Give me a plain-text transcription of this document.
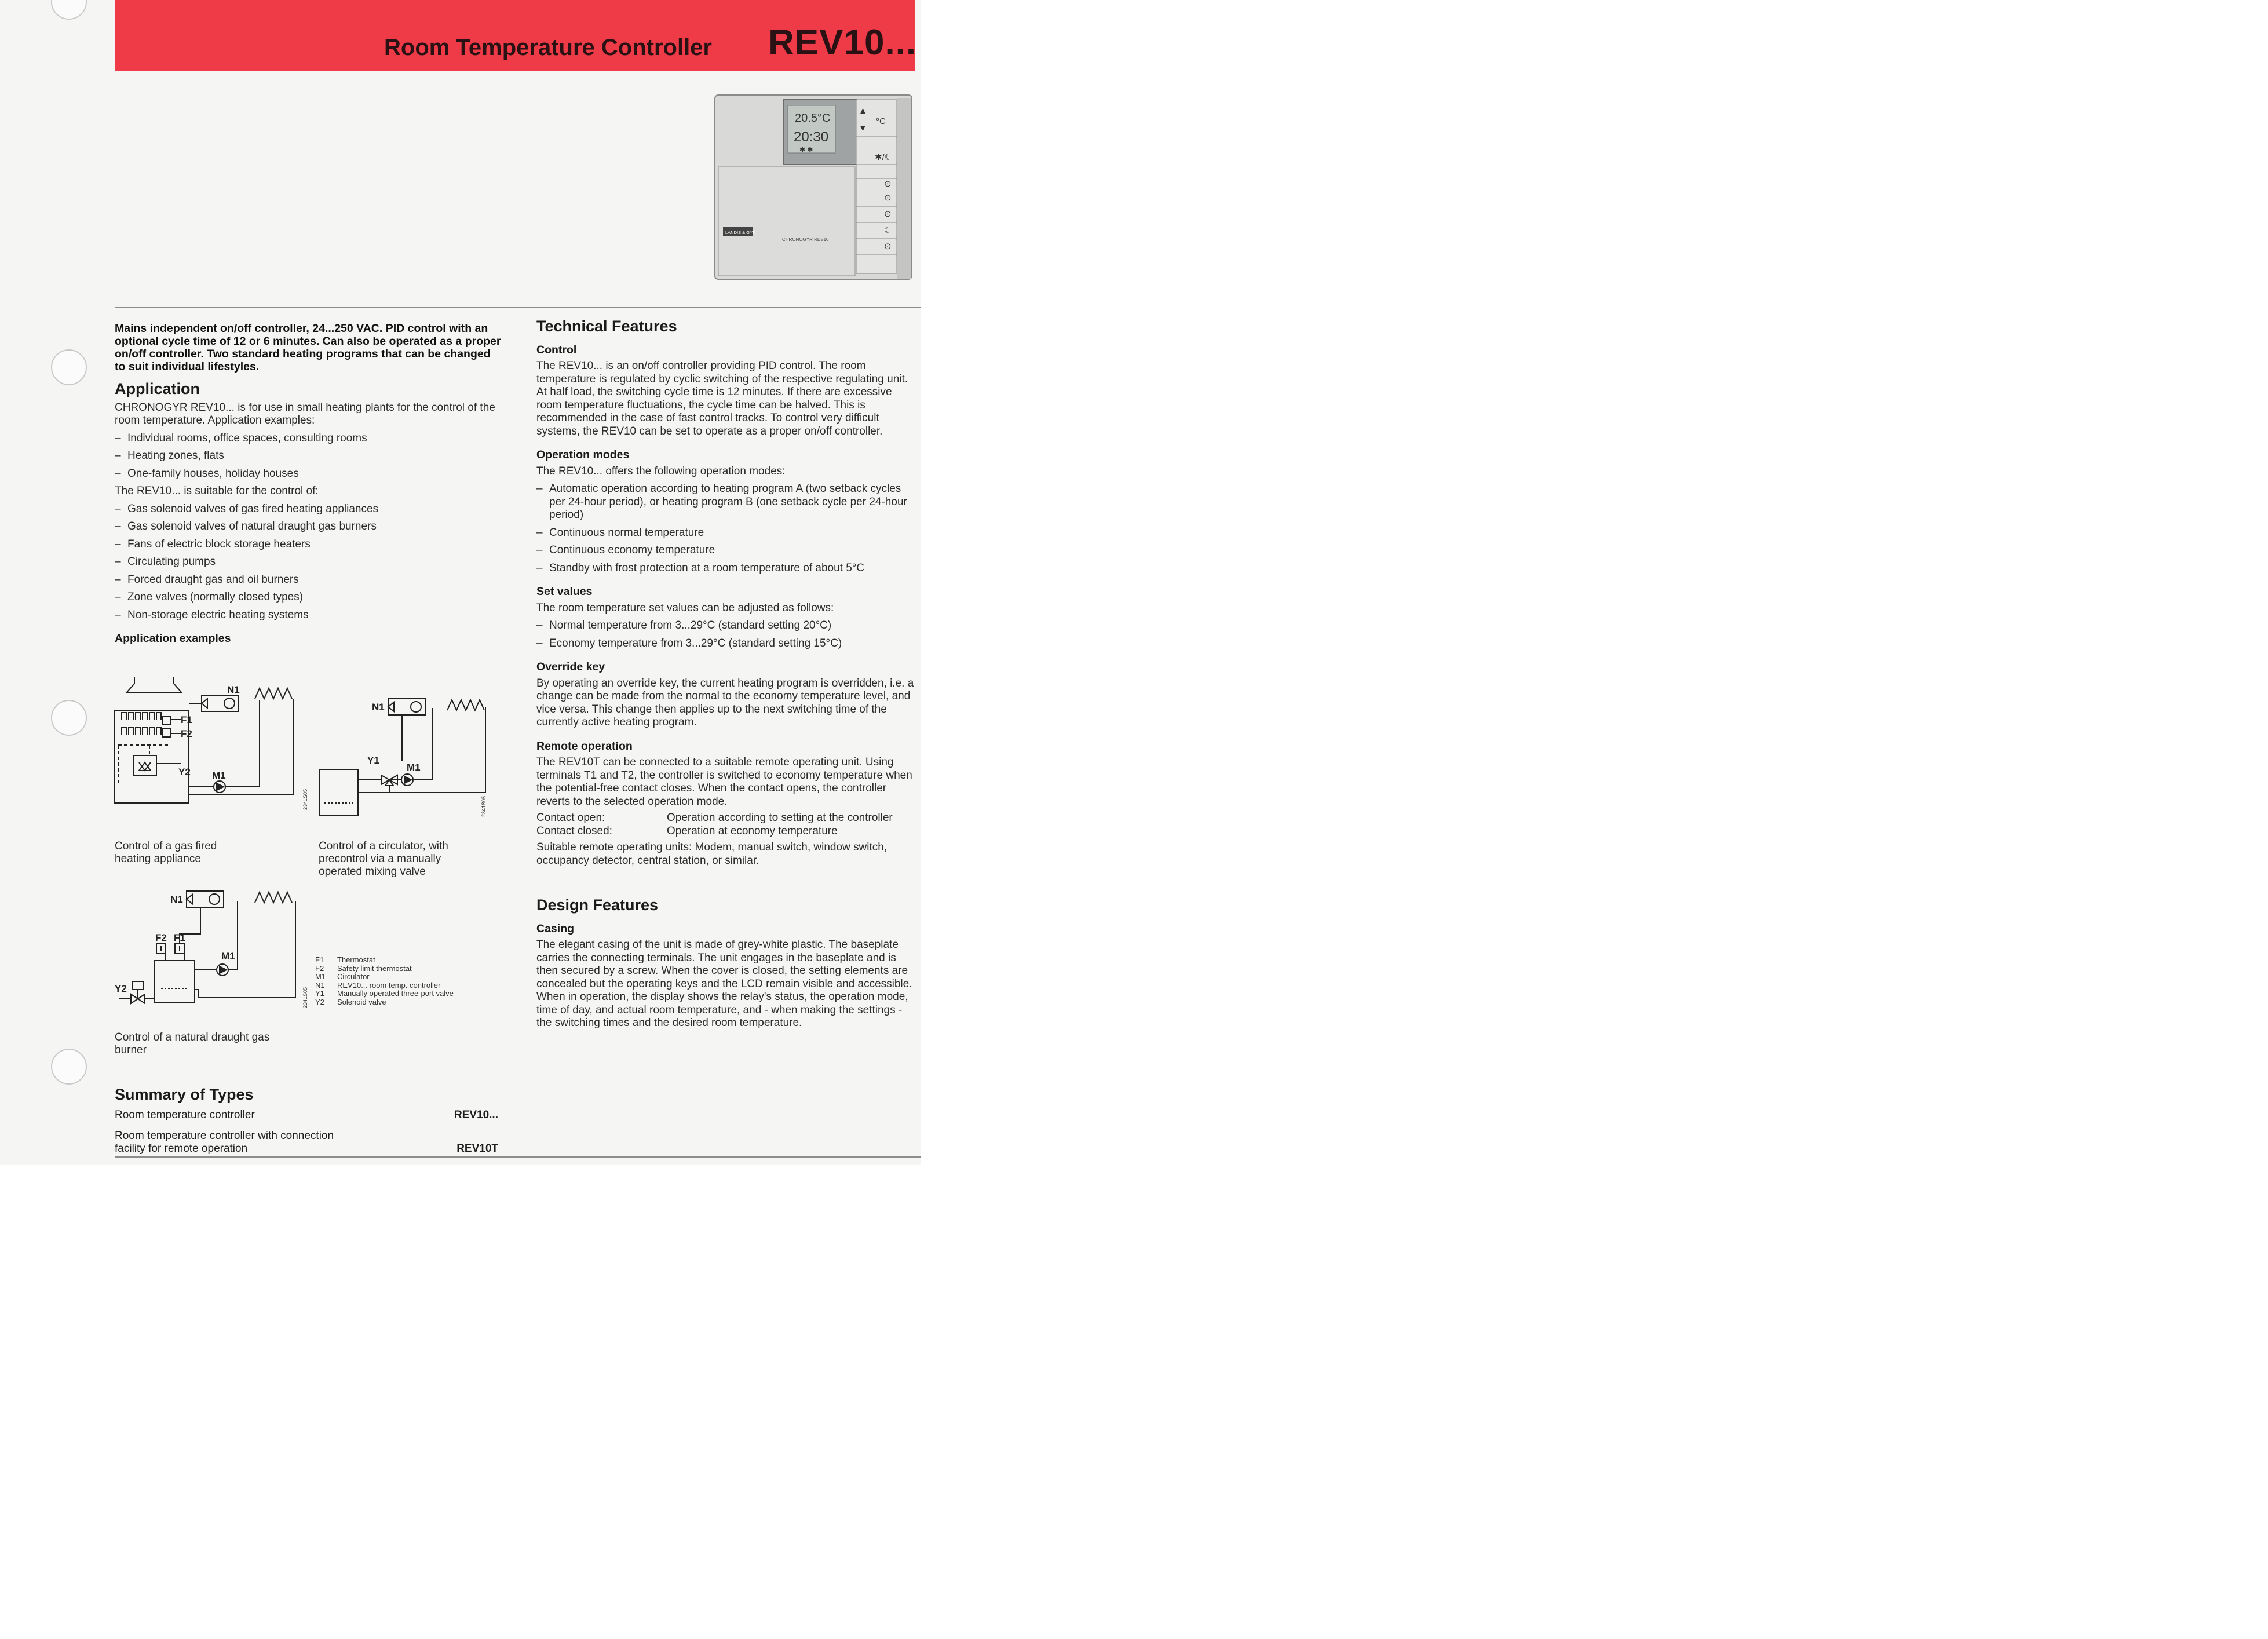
Room Temperature Controller REV10...
20.5°C
20:30
✱ ✱
▲
▼
°C
✱/☾
⊙
⊙
⊙
☾
⊙
LANDIS & GYR
CHRONOGYR REV10

Mains independent on/off controller, 24...250 VAC. PID control with an optional cycle time of 12 or 6 minutes. Can also be operated as a proper on/off controller. Two standard heating programs that can be changed to suit individual lifestyles.

Application

CHRONOGYR REV10... is for use in small heating plants for the control of the room temperature. Application examples:

– Individual rooms, office spaces, consulting rooms

– Heating zones, flats

– One-family houses, holiday houses

The REV10... is suitable for the control of:

– Gas solenoid valves of gas fired heating appliances

– Gas solenoid valves of natural draught gas burners

– Fans of electric block storage heaters

– Circulating pumps

– Forced draught gas and oil burners

– Zone valves (normally closed types)

– Non-storage electric heating systems

Application examples
N1
F1
F2
Y2 M1
2341S05
N1
Y1
M1
2341S05
N1
F2 F1
M1
Y2	2341S05
Control of a gas fired heating appliance
Control of a circulator, with precontrol via a manually operated mixing valve
Control of a natural draught gas burner
F1	Thermostat
F2	Safety limit thermostat
M1	Circulator
N1	REV10... room temp. controller
Y1	Manually operated three-port valve
Y2	Solenoid valve
Summary of Types
Room temperature controller	REV10...
Room temperature controller with connection facility for remote operation	REV10T
Technical Features
Control

The REV10... is an on/off controller providing PID control. The room temperature is regulated by cyclic switching of the respective regulating unit. At half load, the switching cycle time is 12 minutes. If there are excessive room temperature fluctuations, the cycle time can be halved. This is recommended in the case of fast control tracks. To control very difficult systems, the REV10 can be set to operate as a proper on/off controller.

Operation modes

The REV10... offers the following operation modes:

– Automatic operation according to heating program A (two setback cycles per 24-hour period), or heating program B (one setback cycle per 24-hour period)

– Continuous normal temperature

– Continuous economy temperature

– Standby with frost protection at a room temperature of about 5°C

Set values

The room temperature set values can be adjusted as follows:

– Normal temperature from 3...29°C (standard setting 20°C)

– Economy temperature from 3...29°C (standard setting 15°C)

Override key

By operating an override key, the current heating program is overridden, i.e. a change can be made from the normal to the economy temperature level, and vice versa. This change then applies up to the next switching time of the currently active heating program.

Remote operation

The REV10T can be connected to a suitable remote operating unit. Using terminals T1 and T2, the controller is switched to economy temperature when the potential-free contact closes. When the contact opens, the controller reverts to the selected operation mode.

Contact open:	Operation according to setting at the controller
Contact closed:	Operation at economy temperature

Suitable remote operating units: Modem, manual switch, window switch, occupancy detector, central station, or similar.

Design Features
Casing

The elegant casing of the unit is made of grey-white plastic. The baseplate carries the connecting terminals. The unit engages in the baseplate and is then secured by a screw. When the cover is closed, the setting elements are concealed but the operating keys and the LCD remain visible and accessible. When in operation, the display shows the relay's status, the operation mode, time of day, and actual room temperature, and - when making the settings - the switching times and the desired room temperature.
